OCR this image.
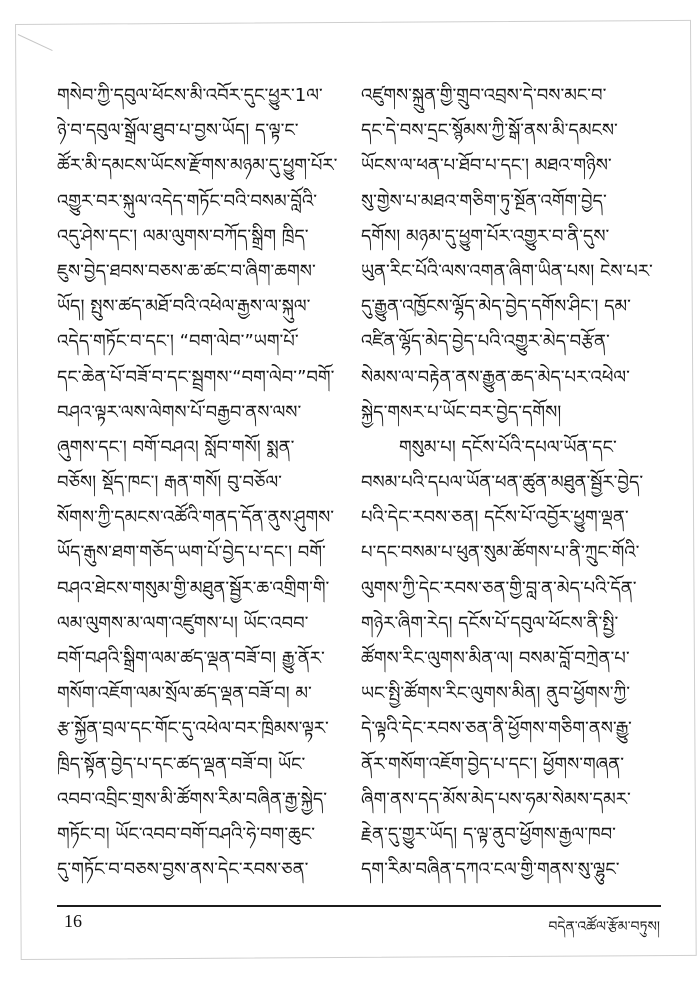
གསེབ་ཀྱི་དབུལ་ཕོངས་མི་འབོར་དུང་ཕྱུར་1ལ་
ཉེ་བ་དབུལ་སྒྲོལ་ཐུབ་པ་བྱས་ཡོད། ད་ལྟ་ང་
ཚོར་མི་དམངས་ཡོངས་རྫོགས་མཉམ་དུ་ཕྱུག་པོར་
འགྱུར་བར་སྐུལ་འདེད་གཏོང་བའི་བསམ་བློའི་
འདུ་ཤེས་དང་། ལམ་ལུགས་བཀོད་སྒྲིག ཁྲིད་
ཇུས་བྱེད་ཐབས་བཅས་ཆ་ཚང་བ་ཞིག་ཆགས་
ཡོད། སྤུས་ཚད་མཐོ་བའི་འཕེལ་རྒྱས་ལ་སྐུལ་
འདེད་གཏོང་བ་དང་། “བག་ལེབ་”ཡག་པོ་
དང་ཆེན་པོ་བཟོ་བ་དང་སྦྲགས་“བག་ལེབ་”བགོ་
བཤའ་ལྟར་ལས་ལེགས་པོ་བརྒྱབ་ནས་ལས་
ཞུགས་དང་། བགོ་བཤའ། སློབ་གསོ། སྨན་
བཅོས། སྡོད་ཁང་། རྒན་གསོ། བུ་བཅོལ་
སོགས་ཀྱི་དམངས་འཚོའི་གནད་དོན་ནུས་ཤུགས་
ཡོད་རྒུས་ཐག་གཅོད་ཡག་པོ་བྱེད་པ་དང་། བགོ་
བཤའ་ཐེངས་གསུམ་གྱི་མཐུན་སྦྱོར་ཆ་འགྲིག་གི་
ལམ་ལུགས་མ་ལག་འཛུགས་པ། ཡོང་འབབ་
བགོ་བཤའི་སྒྲིག་ལམ་ཚད་ལྡན་བཟོ་བ། རྒྱུ་ནོར་
གསོག་འཇོག་ལམ་སྲོལ་ཚད་ལྡན་བཟོ་བ། མ་
རྩ་སྐྱོན་བྲལ་དང་གོང་དུ་འཕེལ་བར་ཁྲིམས་ལྟར་
ཁྲིད་སྟོན་བྱེད་པ་དང་ཚད་ལྡན་བཟོ་བ། ཡོང་
འབབ་འབྲིང་གྲས་མི་ཚོགས་རིམ་བཞིན་རྒྱ་སྐྱེད་
གཏོང་བ། ཡོང་འབབ་བགོ་བཤའི་ཧེ་བག་ཆུང་
དུ་གཏོང་བ་བཅས་བྱས་ནས་དེང་རབས་ཅན་
འཛུགས་སྐྲུན་གྱི་གྲུབ་འབྲས་དེ་བས་མང་བ་
དང་དེ་བས་དྲང་སྙོམས་ཀྱི་སྒོ་ནས་མི་དམངས་
ཡོངས་ལ་ཕན་པ་ཐོབ་པ་དང་། མཐའ་གཉིས་
སུ་གྱེས་པ་མཐའ་གཅིག་ཏུ་སྔོན་འགོག་བྱེད་
དགོས། མཉམ་དུ་ཕྱུག་པོར་འགྱུར་བ་ནི་དུས་
ཡུན་རིང་པོའི་ལས་འགན་ཞིག་ཡིན་པས། ངེས་པར་
དུ་རྒྱུན་འཁྱོངས་ལྷོད་མེད་བྱེད་དགོས་ཤིང་། དམ་
འཛིན་ལྷོད་མེད་བྱེད་པའི་འགྱུར་མེད་བརྩོན་
སེམས་ལ་བརྟེན་ནས་རྒྱུན་ཆད་མེད་པར་འཕེལ་
སྐྱེད་གསར་པ་ཡོང་བར་བྱེད་དགོས།
གསུམ་པ། དངོས་པོའི་དཔལ་ཡོན་དང་
བསམ་པའི་དཔལ་ཡོན་ཕན་ཚུན་མཐུན་སྦྱོར་བྱེད་
པའི་དེང་རབས་ཅན། དངོས་པོ་འབྱོར་ཕྱུག་ལྡན་
པ་དང་བསམ་པ་ཕུན་སུམ་ཚོགས་པ་ནི་ཀྲུང་གོའི་
ལུགས་ཀྱི་དེང་རབས་ཅན་གྱི་བླ་ན་མེད་པའི་དོན་
གཉེར་ཞིག་རེད། དངོས་པོ་དབུལ་ཕོངས་ནི་སྤྱི་
ཚོགས་རིང་ལུགས་མིན་ལ། བསམ་བློ་བཀྲེན་པ་
ཡང་སྤྱི་ཚོགས་རིང་ལུགས་མིན། ནུབ་ཕྱོགས་ཀྱི་
དེ་ལྟའི་དེང་རབས་ཅན་ནི་ཕྱོགས་གཅིག་ནས་རྒྱུ་
ནོར་གསོག་འཇོག་བྱེད་པ་དང་། ཕྱོགས་གཞན་
ཞིག་ནས་དད་མོས་མེད་པས་ཧམ་སེམས་དམར་
རྗེན་དུ་གྱུར་ཡོད། ད་ལྟ་ནུབ་ཕྱོགས་རྒྱལ་ཁབ་
དག་རིམ་བཞིན་དཀའ་ངལ་གྱི་གནས་སུ་ལྷུང་
16	བདེན་འཚོལ་རྩོམ་བཏུས།
